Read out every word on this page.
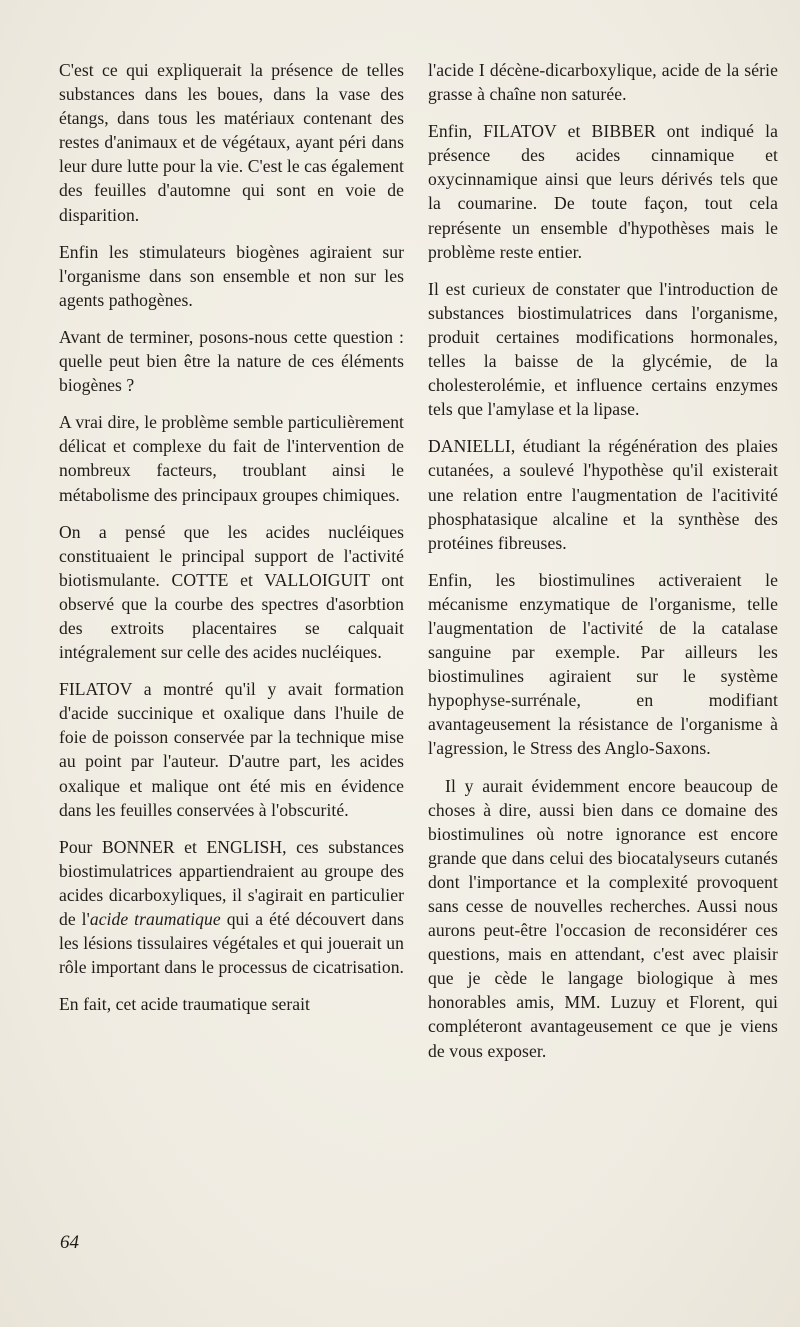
C'est ce qui expliquerait la présence de telles substances dans les boues, dans la vase des étangs, dans tous les matériaux contenant des restes d'animaux et de végétaux, ayant péri dans leur dure lutte pour la vie. C'est le cas également des feuilles d'automne qui sont en voie de disparition.

Enfin les stimulateurs biogènes agiraient sur l'organisme dans son ensemble et non sur les agents pathogènes.

Avant de terminer, posons-nous cette question : quelle peut bien être la nature de ces éléments biogènes ?

A vrai dire, le problème semble particulièrement délicat et complexe du fait de l'intervention de nombreux facteurs, troublant ainsi le métabolisme des principaux groupes chimiques.

On a pensé que les acides nucléiques constituaient le principal support de l'activité biotismulante. COTTE et VALLOIGUIT ont observé que la courbe des spectres d'asorbtion des extroits placentaires se calquait intégralement sur celle des acides nucléiques.

FILATOV a montré qu'il y avait formation d'acide succinique et oxalique dans l'huile de foie de poisson conservée par la technique mise au point par l'auteur. D'autre part, les acides oxalique et malique ont été mis en évidence dans les feuilles conservées à l'obscurité.

Pour BONNER et ENGLISH, ces substances biostimulatrices appartiendraient au groupe des acides dicarboxyliques, il s'agirait en particulier de l'acide traumatique qui a été découvert dans les lésions tissulaires végétales et qui jouerait un rôle important dans le processus de cicatrisation.

En fait, cet acide traumatique serait

l'acide I décène-dicarboxylique, acide de la série grasse à chaîne non saturée.

Enfin, FILATOV et BIBBER ont indiqué la présence des acides cinnamique et oxycinnamique ainsi que leurs dérivés tels que la coumarine. De toute façon, tout cela représente un ensemble d'hypothèses mais le problème reste entier.

Il est curieux de constater que l'introduction de substances biostimulatrices dans l'organisme, produit certaines modifications hormonales, telles la baisse de la glycémie, de la cholesterolémie, et influence certains enzymes tels que l'amylase et la lipase.

DANIELLI, étudiant la régénération des plaies cutanées, a soulevé l'hypothèse qu'il existerait une relation entre l'augmentation de l'acitivité phosphatasique alcaline et la synthèse des protéines fibreuses.

Enfin, les biostimulines activeraient le mécanisme enzymatique de l'organisme, telle l'augmentation de l'activité de la catalase sanguine par exemple. Par ailleurs les biostimulines agiraient sur le système hypophyse-surrénale, en modifiant avantageusement la résistance de l'organisme à l'agression, le Stress des Anglo-Saxons.

Il y aurait évidemment encore beaucoup de choses à dire, aussi bien dans ce domaine des biostimulines où notre ignorance est encore grande que dans celui des biocatalyseurs cutanés dont l'importance et la complexité provoquent sans cesse de nouvelles recherches. Aussi nous aurons peut-être l'occasion de reconsidérer ces questions, mais en attendant, c'est avec plaisir que je cède le langage biologique à mes honorables amis, MM. Luzuy et Florent, qui compléteront avantageusement ce que je viens de vous exposer.

64
